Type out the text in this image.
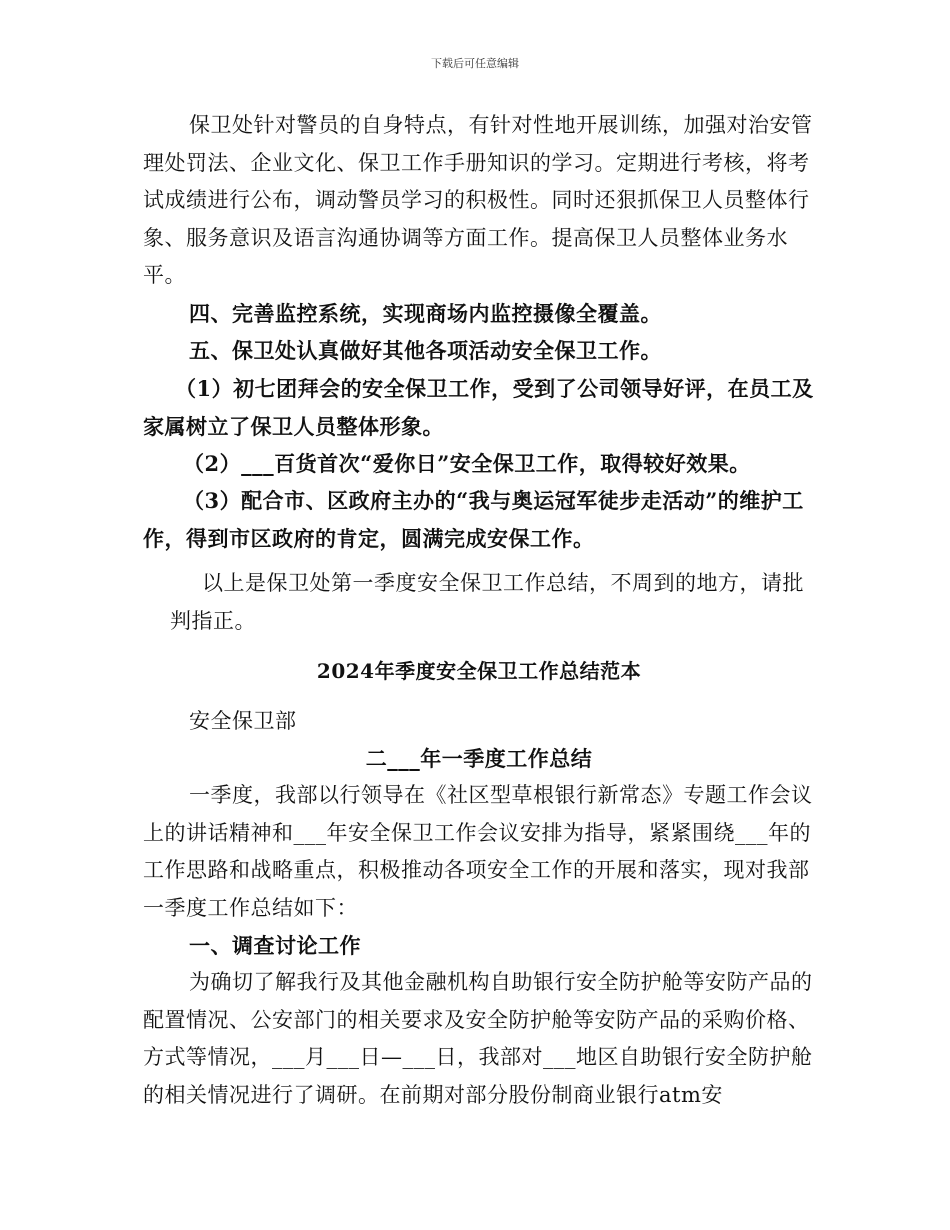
下载后可任意编辑

保卫处针对警员的自身特点，有针对性地开展训练，加强对治安管理处罚法、企业文化、保卫工作手册知识的学习。定期进行考核，将考试成绩进行公布，调动警员学习的积极性。同时还狠抓保卫人员整体行象、服务意识及语言沟通协调等方面工作。提高保卫人员整体业务水平。

四、完善监控系统，实现商场内监控摄像全覆盖。

五、保卫处认真做好其他各项活动安全保卫工作。

（1）初七团拜会的安全保卫工作，受到了公司领导好评，在员工及家属树立了保卫人员整体形象。

（2）___百货首次“爱你日”安全保卫工作，取得较好效果。

（3）配合市、区政府主办的“我与奥运冠军徒步走活动”的维护工作，得到市区政府的肯定，圆满完成安保工作。

以上是保卫处第一季度安全保卫工作总结，不周到的地方，请批判指正。

2024年季度安全保卫工作总结范本

安全保卫部

二___年一季度工作总结

一季度，我部以行领导在《社区型草根银行新常态》专题工作会议上的讲话精神和___年安全保卫工作会议安排为指导，紧紧围绕___年的工作思路和战略重点，积极推动各项安全工作的开展和落实，现对我部一季度工作总结如下：

一、调查讨论工作

为确切了解我行及其他金融机构自助银行安全防护舱等安防产品的配置情况、公安部门的相关要求及安全防护舱等安防产品的采购价格、方式等情况，___月___日—___日，我部对___地区自助银行安全防护舱的相关情况进行了调研。在前期对部分股份制商业银行atm安
